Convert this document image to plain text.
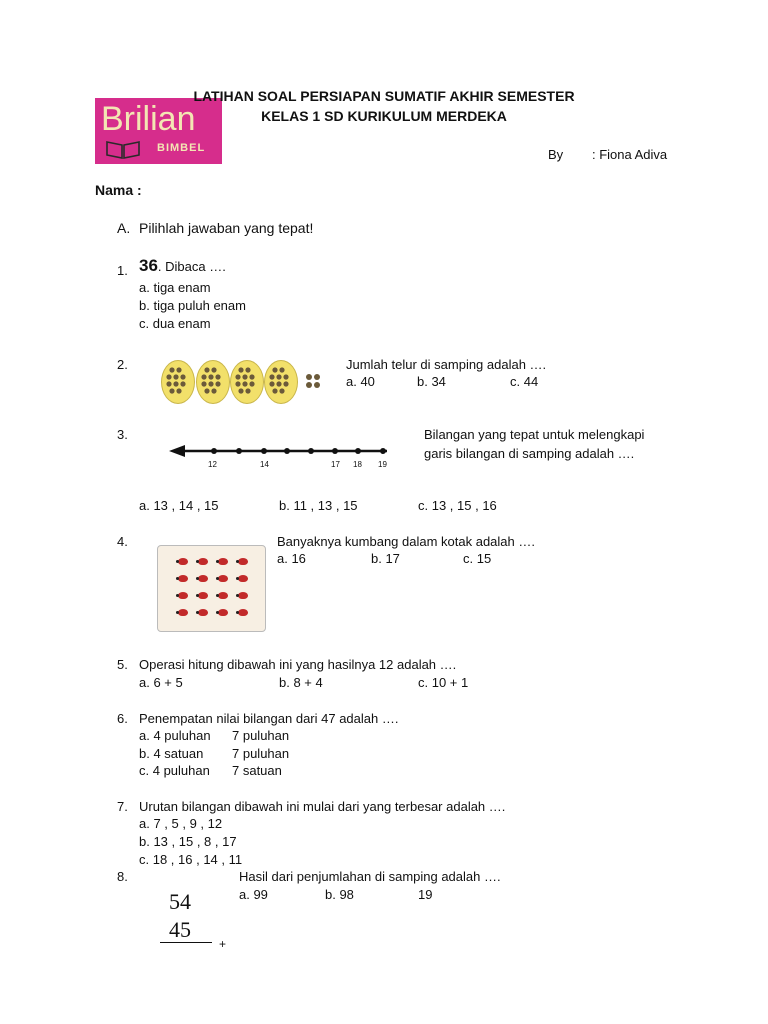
Brilian
BIMBEL
LATIHAN SOAL PERSIAPAN SUMATIF AKHIR SEMESTER
KELAS 1 SD KURIKULUM MERDEKA
By : Fiona Adiva
Nama :
A. Pilihlah jawaban yang tepat!
1. 36. Dibaca ….
a. tiga enam
b. tiga puluh enam
c. dua enam
2.	Jumlah telur di samping adalah ….
a. 40	b. 34	c. 44
3.
12	14	17 18 19
Bilangan yang tepat untuk melengkapi
garis bilangan di samping adalah ….
a. 13 , 14 , 15	b. 11 , 13 , 15	c. 13 , 15 , 16
4.	Banyaknya kumbang dalam kotak adalah ….
a. 16	b. 17	c. 15
5. Operasi hitung dibawah ini yang hasilnya 12 adalah ….
a. 6 + 5	b. 8 + 4	c. 10 + 1
6. Penempatan nilai bilangan dari 47 adalah ….
a. 4 puluhan 7 puluhan
b. 4 satuan 7 puluhan
c. 4 puluhan 7 satuan
7. Urutan bilangan dibawah ini mulai dari yang terbesar adalah ….
a. 7 , 5 , 9 , 12
b. 13 , 15 , 8 , 17
c. 18 , 16 , 14 , 11
8.	Hasil dari penjumlahan di samping adalah ….
a. 99	b. 98	19
54
45
+
